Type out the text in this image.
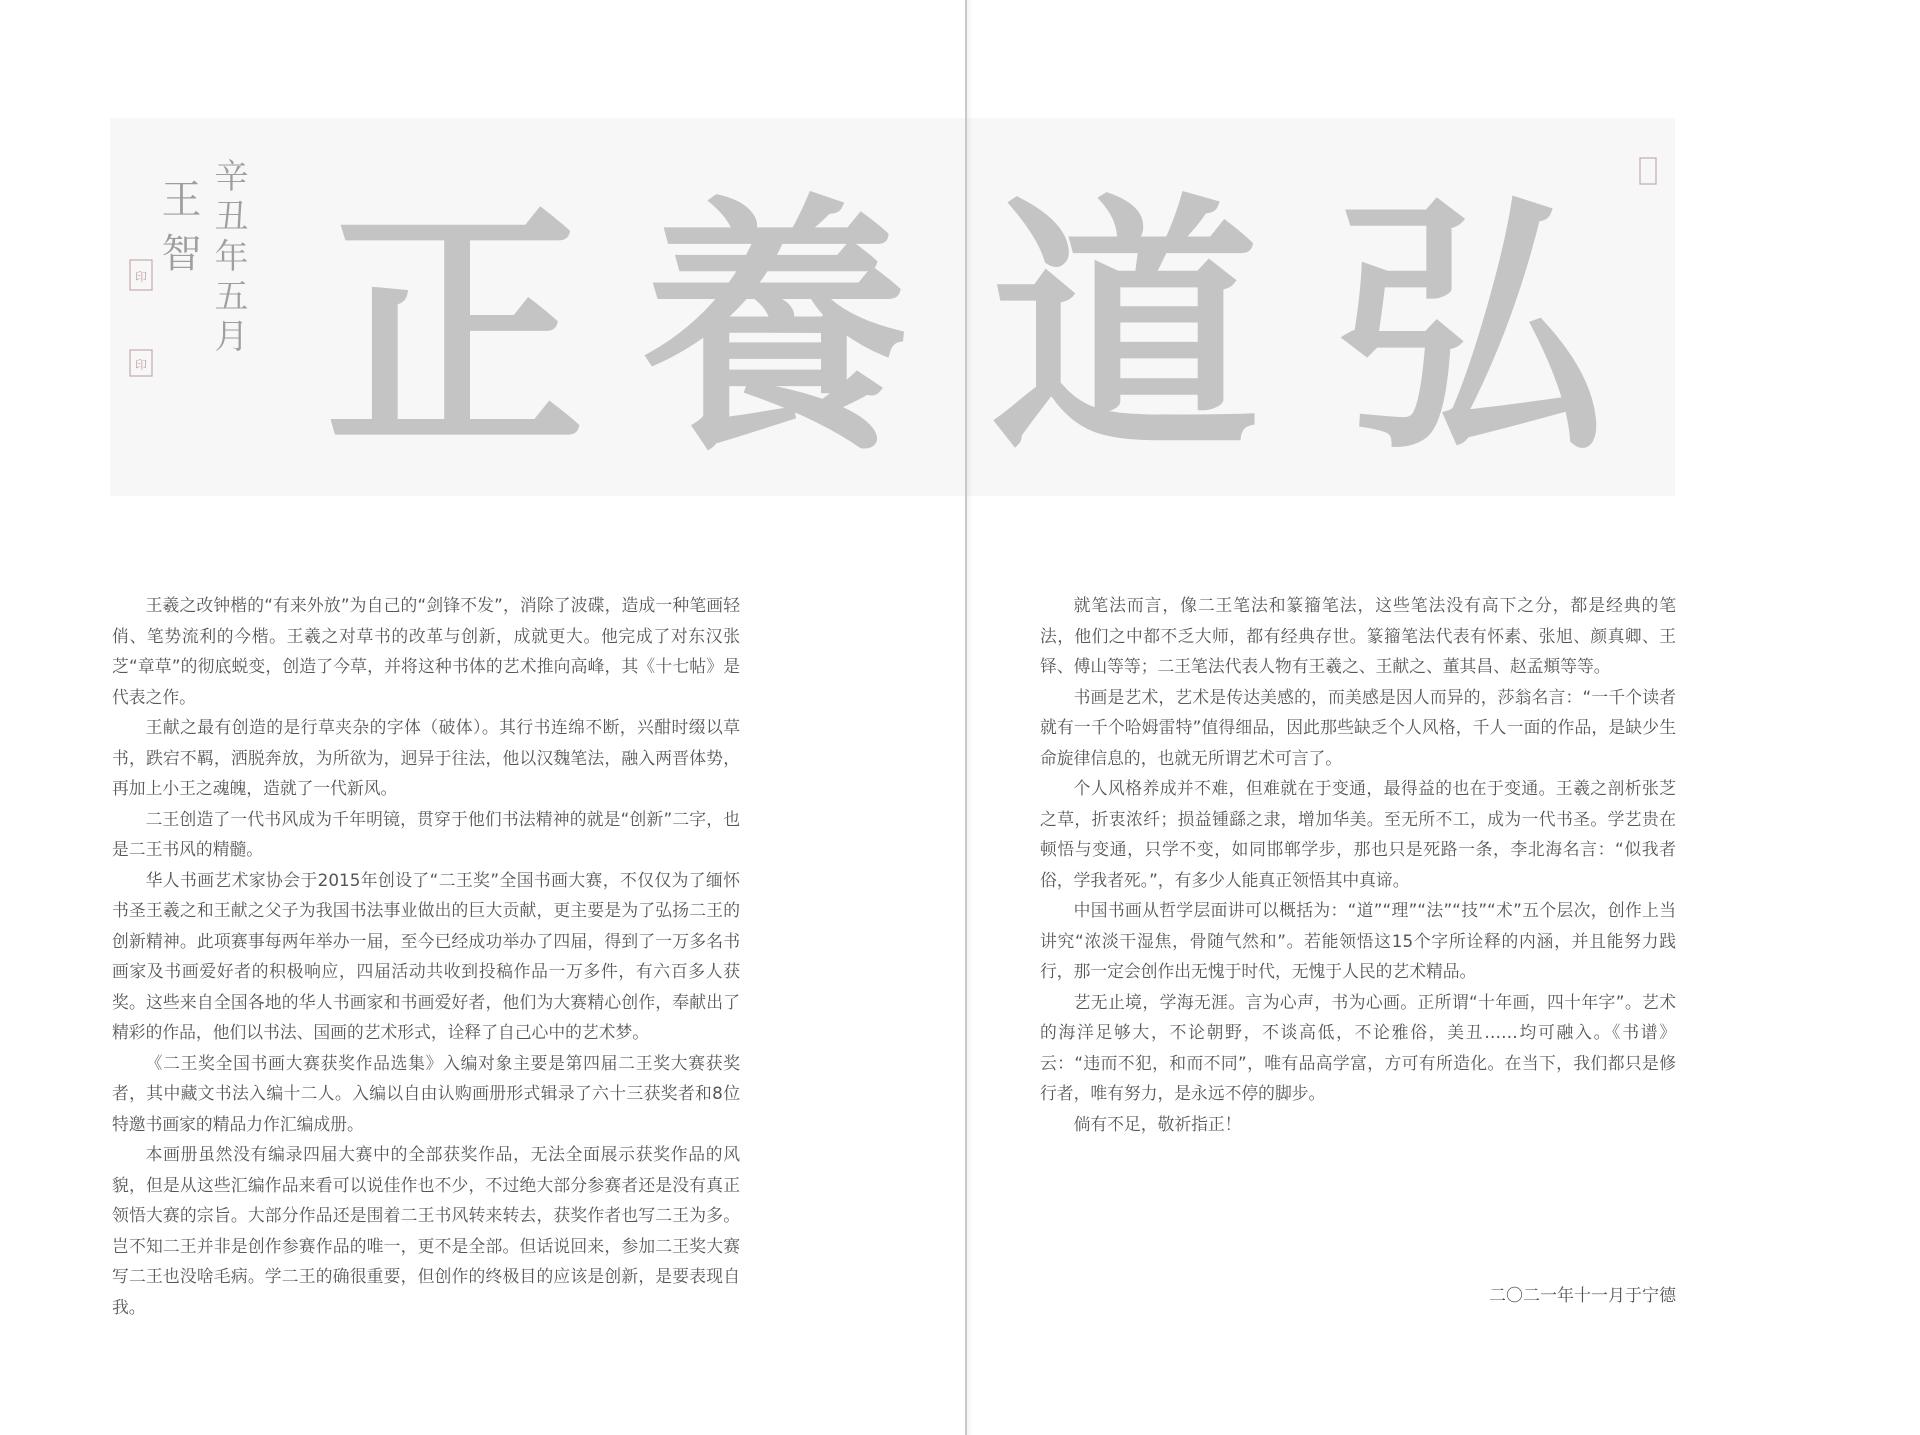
辛丑年五月
王智
印
印 正 養 道 弘

王羲之改钟楷的“有来外放”为自己的“剑锋不发”，消除了波碟，造成一种笔画轻俏、笔势流利的今楷。王羲之对草书的改革与创新，成就更大。他完成了对东汉张芝“章草”的彻底蜕变，创造了今草，并将这种书体的艺术推向高峰，其《十七帖》是代表之作。

王献之最有创造的是行草夹杂的字体（破体）。其行书连绵不断，兴酣时缀以草书，跌宕不羁，洒脱奔放，为所欲为，迥异于往法，他以汉魏笔法，融入两晋体势，再加上小王之魂魄，造就了一代新风。

二王创造了一代书风成为千年明镜，贯穿于他们书法精神的就是“创新”二字，也是二王书风的精髓。

华人书画艺术家协会于2015年创设了“二王奖”全国书画大赛，不仅仅为了缅怀书圣王羲之和王献之父子为我国书法事业做出的巨大贡献，更主要是为了弘扬二王的创新精神。此项赛事每两年举办一届，至今已经成功举办了四届，得到了一万多名书画家及书画爱好者的积极响应，四届活动共收到投稿作品一万多件，有六百多人获奖。这些来自全国各地的华人书画家和书画爱好者，他们为大赛精心创作，奉献出了精彩的作品，他们以书法、国画的艺术形式，诠释了自己心中的艺术梦。

《二王奖全国书画大赛获奖作品选集》入编对象主要是第四届二王奖大赛获奖者，其中藏文书法入编十二人。入编以自由认购画册形式辑录了六十三获奖者和8位特邀书画家的精品力作汇编成册。

本画册虽然没有编录四届大赛中的全部获奖作品，无法全面展示获奖作品的风貌，但是从这些汇编作品来看可以说佳作也不少，不过绝大部分参赛者还是没有真正领悟大赛的宗旨。大部分作品还是围着二王书风转来转去，获奖作者也写二王为多。岂不知二王并非是创作参赛作品的唯一，更不是全部。但话说回来，参加二王奖大赛写二王也没啥毛病。学二王的确很重要，但创作的终极目的应该是创新，是要表现自我。

就笔法而言，像二王笔法和篆籀笔法，这些笔法没有高下之分，都是经典的笔法，他们之中都不乏大师，都有经典存世。篆籀笔法代表有怀素、张旭、颜真卿、王铎、傅山等等；二王笔法代表人物有王羲之、王献之、董其昌、赵孟頫等等。

书画是艺术，艺术是传达美感的，而美感是因人而异的，莎翁名言：“一千个读者就有一千个哈姆雷特”值得细品，因此那些缺乏个人风格，千人一面的作品，是缺少生命旋律信息的，也就无所谓艺术可言了。

个人风格养成并不难，但难就在于变通，最得益的也在于变通。王羲之剖析张芝之草，折衷浓纤；损益锺繇之隶，增加华美。至无所不工，成为一代书圣。学艺贵在顿悟与变通，只学不变，如同邯郸学步，那也只是死路一条，李北海名言：“似我者俗，学我者死。”，有多少人能真正领悟其中真谛。

中国书画从哲学层面讲可以概括为：“道”“理”“法”“技”“术”五个层次，创作上当讲究“浓淡干湿焦，骨随气然和”。若能领悟这15个字所诠释的内涵，并且能努力践行，那一定会创作出无愧于时代，无愧于人民的艺术精品。

艺无止境，学海无涯。言为心声，书为心画。正所谓“十年画，四十年字”。艺术的海洋足够大，不论朝野，不谈高低，不论雅俗，美丑……均可融入。《书谱》云：“违而不犯，和而不同”，唯有品高学富，方可有所造化。在当下，我们都只是修行者，唯有努力，是永远不停的脚步。

倘有不足，敬祈指正！

二〇二一年十一月于宁德
